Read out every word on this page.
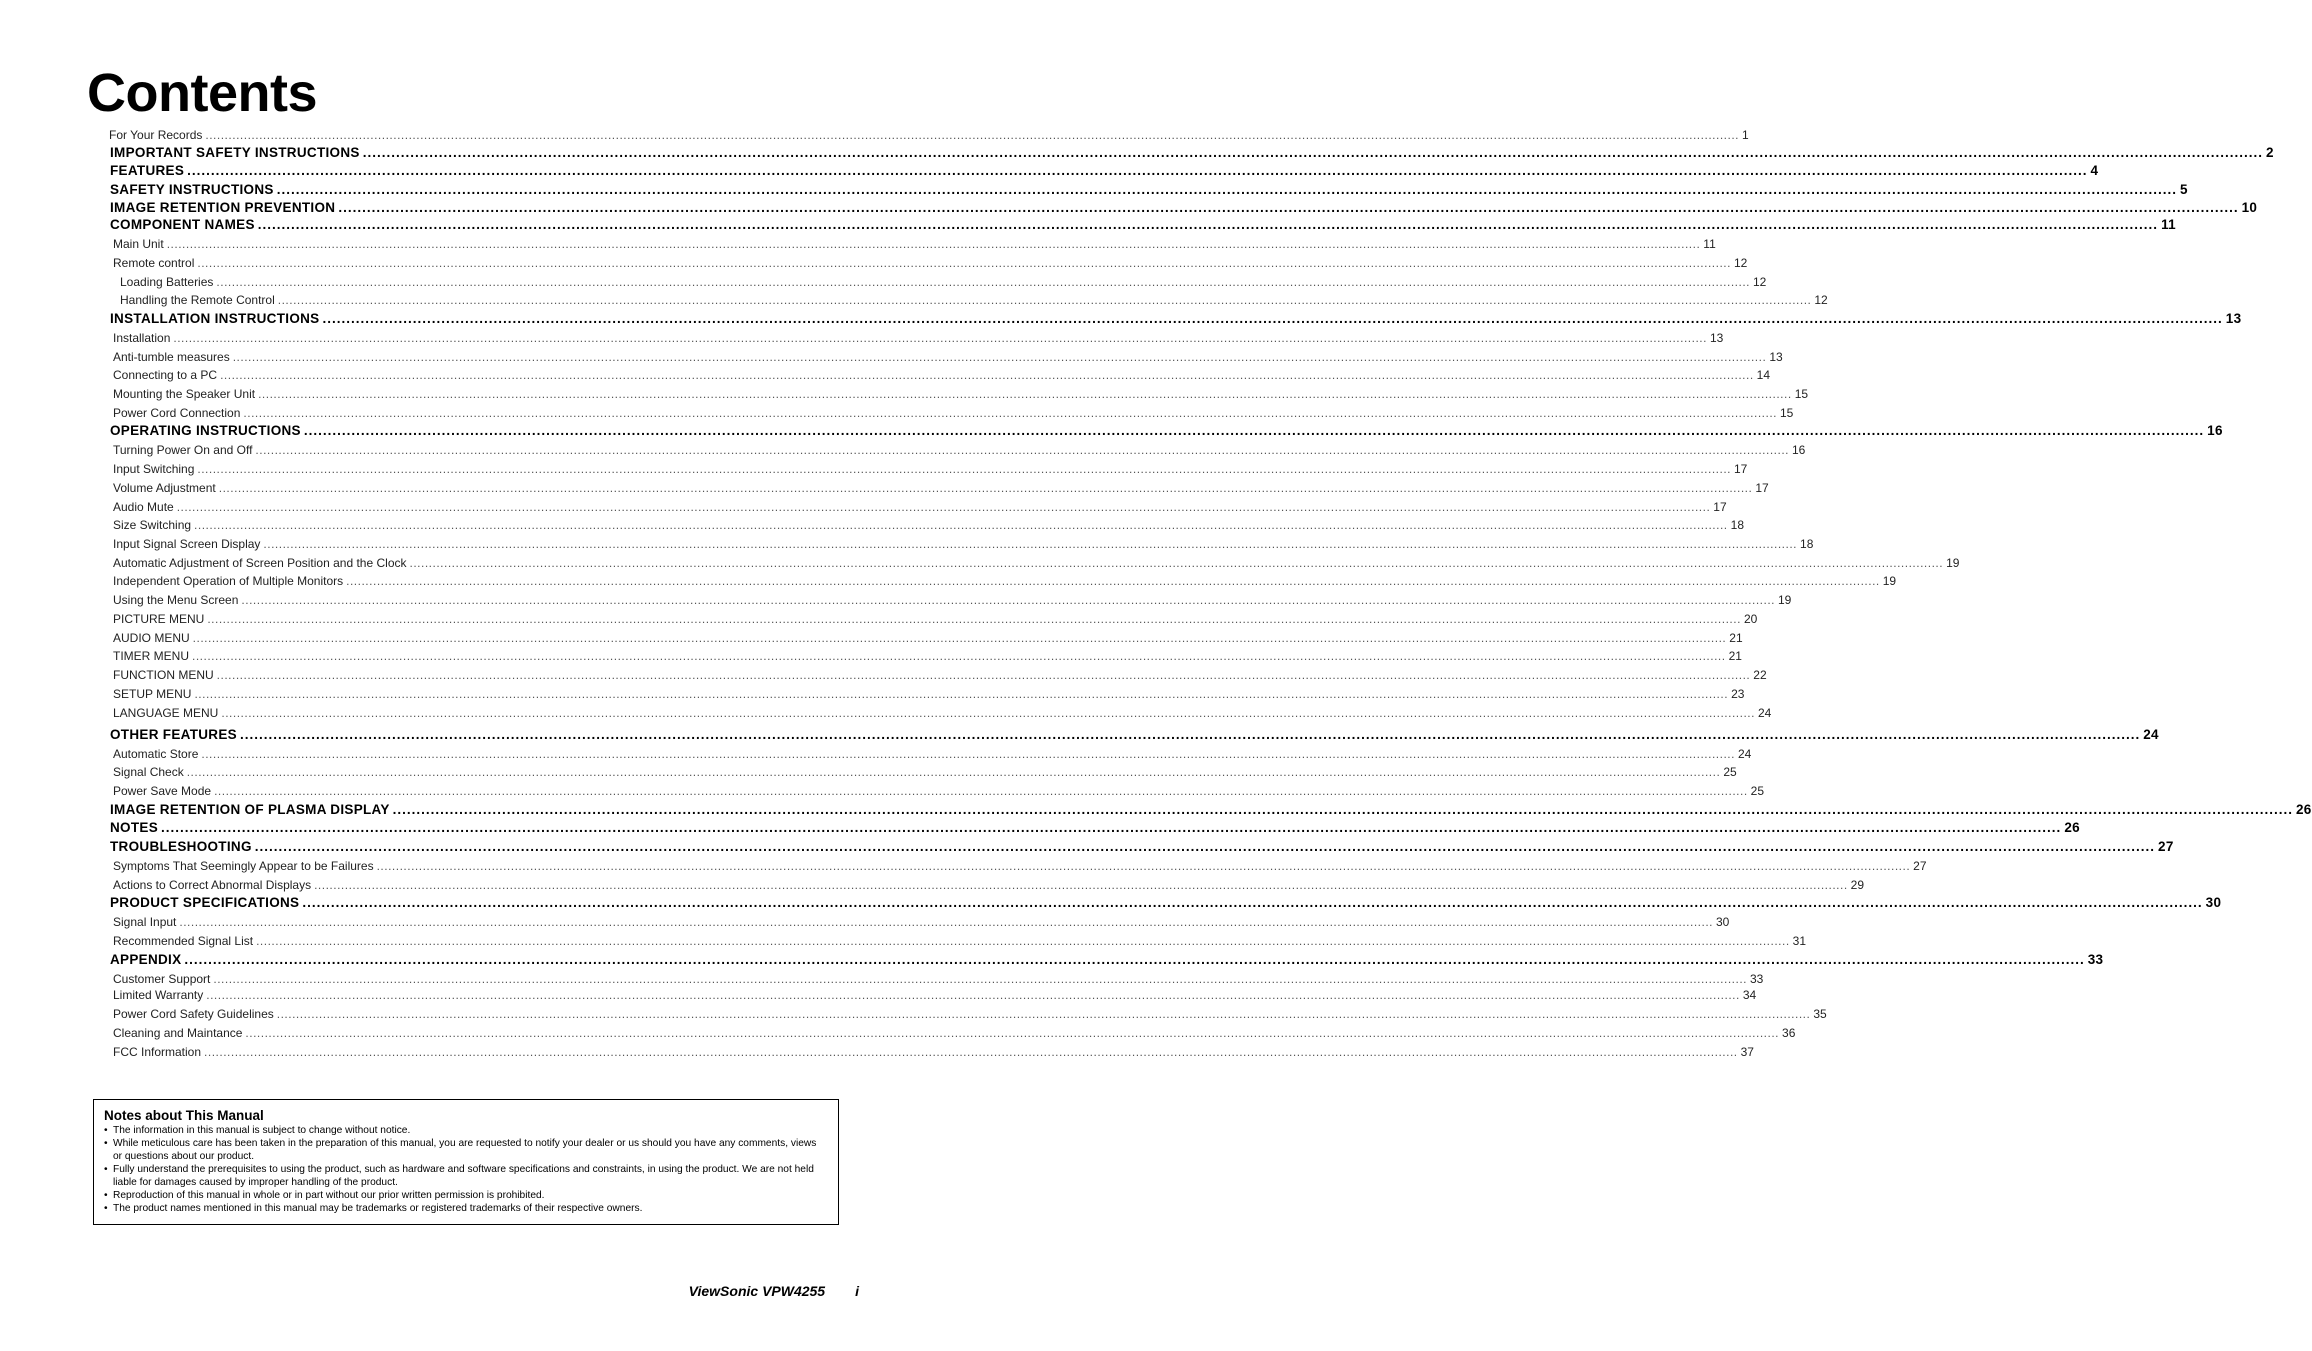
Contents
For Your Records ................................................................................................................................................................................................................................................................................................................................................................................................................ 1
IMPORTANT SAFETY INSTRUCTIONS ................................................................................................................................................................................................................................................................................................................................................................................................................ 2
FEATURES ................................................................................................................................................................................................................................................................................................................................................................................................................ 4
SAFETY INSTRUCTIONS ................................................................................................................................................................................................................................................................................................................................................................................................................ 5
IMAGE RETENTION PREVENTION ................................................................................................................................................................................................................................................................................................................................................................................................................ 10
COMPONENT NAMES ................................................................................................................................................................................................................................................................................................................................................................................................................ 11
Main Unit ................................................................................................................................................................................................................................................................................................................................................................................................................ 11
Remote control ................................................................................................................................................................................................................................................................................................................................................................................................................ 12
Loading Batteries ................................................................................................................................................................................................................................................................................................................................................................................................................ 12
Handling the Remote Control ................................................................................................................................................................................................................................................................................................................................................................................................................ 12
INSTALLATION INSTRUCTIONS ................................................................................................................................................................................................................................................................................................................................................................................................................ 13
Installation ................................................................................................................................................................................................................................................................................................................................................................................................................ 13
Anti-tumble measures ................................................................................................................................................................................................................................................................................................................................................................................................................ 13
Connecting to a PC ................................................................................................................................................................................................................................................................................................................................................................................................................ 14
Mounting the Speaker Unit ................................................................................................................................................................................................................................................................................................................................................................................................................ 15
Power Cord Connection ................................................................................................................................................................................................................................................................................................................................................................................................................ 15
OPERATING INSTRUCTIONS ................................................................................................................................................................................................................................................................................................................................................................................................................ 16
Turning Power On and Off ................................................................................................................................................................................................................................................................................................................................................................................................................ 16
Input Switching ................................................................................................................................................................................................................................................................................................................................................................................................................ 17
Volume Adjustment ................................................................................................................................................................................................................................................................................................................................................................................................................ 17
Audio Mute ................................................................................................................................................................................................................................................................................................................................................................................................................ 17
Size Switching ................................................................................................................................................................................................................................................................................................................................................................................................................ 18
Input Signal Screen Display ................................................................................................................................................................................................................................................................................................................................................................................................................ 18
Automatic Adjustment of Screen Position and the Clock ................................................................................................................................................................................................................................................................................................................................................................................................................ 19
Independent Operation of Multiple Monitors ................................................................................................................................................................................................................................................................................................................................................................................................................ 19
Using the Menu Screen ................................................................................................................................................................................................................................................................................................................................................................................................................ 19
PICTURE MENU ................................................................................................................................................................................................................................................................................................................................................................................................................ 20
AUDIO MENU ................................................................................................................................................................................................................................................................................................................................................................................................................ 21
TIMER MENU ................................................................................................................................................................................................................................................................................................................................................................................................................ 21
FUNCTION MENU ................................................................................................................................................................................................................................................................................................................................................................................................................ 22
SETUP MENU ................................................................................................................................................................................................................................................................................................................................................................................................................ 23
LANGUAGE MENU ................................................................................................................................................................................................................................................................................................................................................................................................................ 24
OTHER FEATURES ................................................................................................................................................................................................................................................................................................................................................................................................................ 24
Automatic Store ................................................................................................................................................................................................................................................................................................................................................................................................................ 24
Signal Check ................................................................................................................................................................................................................................................................................................................................................................................................................ 25
Power Save Mode ................................................................................................................................................................................................................................................................................................................................................................................................................ 25
IMAGE RETENTION OF PLASMA DISPLAY ................................................................................................................................................................................................................................................................................................................................................................................................................ 26
NOTES ................................................................................................................................................................................................................................................................................................................................................................................................................ 26
TROUBLESHOOTING ................................................................................................................................................................................................................................................................................................................................................................................................................ 27
Symptoms That Seemingly Appear to be Failures ................................................................................................................................................................................................................................................................................................................................................................................................................ 27
Actions to Correct Abnormal Displays ................................................................................................................................................................................................................................................................................................................................................................................................................ 29
PRODUCT SPECIFICATIONS ................................................................................................................................................................................................................................................................................................................................................................................................................ 30
Signal Input ................................................................................................................................................................................................................................................................................................................................................................................................................ 30
Recommended Signal List ................................................................................................................................................................................................................................................................................................................................................................................................................ 31
APPENDIX ................................................................................................................................................................................................................................................................................................................................................................................................................ 33
Customer Support ................................................................................................................................................................................................................................................................................................................................................................................................................ 33
Limited Warranty ................................................................................................................................................................................................................................................................................................................................................................................................................ 34
Power Cord Safety Guidelines ................................................................................................................................................................................................................................................................................................................................................................................................................ 35
Cleaning and Maintance ................................................................................................................................................................................................................................................................................................................................................................................................................ 36
FCC Information ................................................................................................................................................................................................................................................................................................................................................................................................................ 37
Notes about This Manual
• The information in this manual is subject to change without notice.
• While meticulous care has been taken in the preparation of this manual, you are requested to notify your dealer or us should you have any comments, views or questions about our product.
• Fully understand the prerequisites to using the product, such as hardware and software specifications and constraints, in using the product. We are not held liable for damages caused by improper handling of the product.
• Reproduction of this manual in whole or in part without our prior written permission is prohibited.
• The product names mentioned in this manual may be trademarks or registered trademarks of their respective owners.
ViewSonic VPW4255 i
